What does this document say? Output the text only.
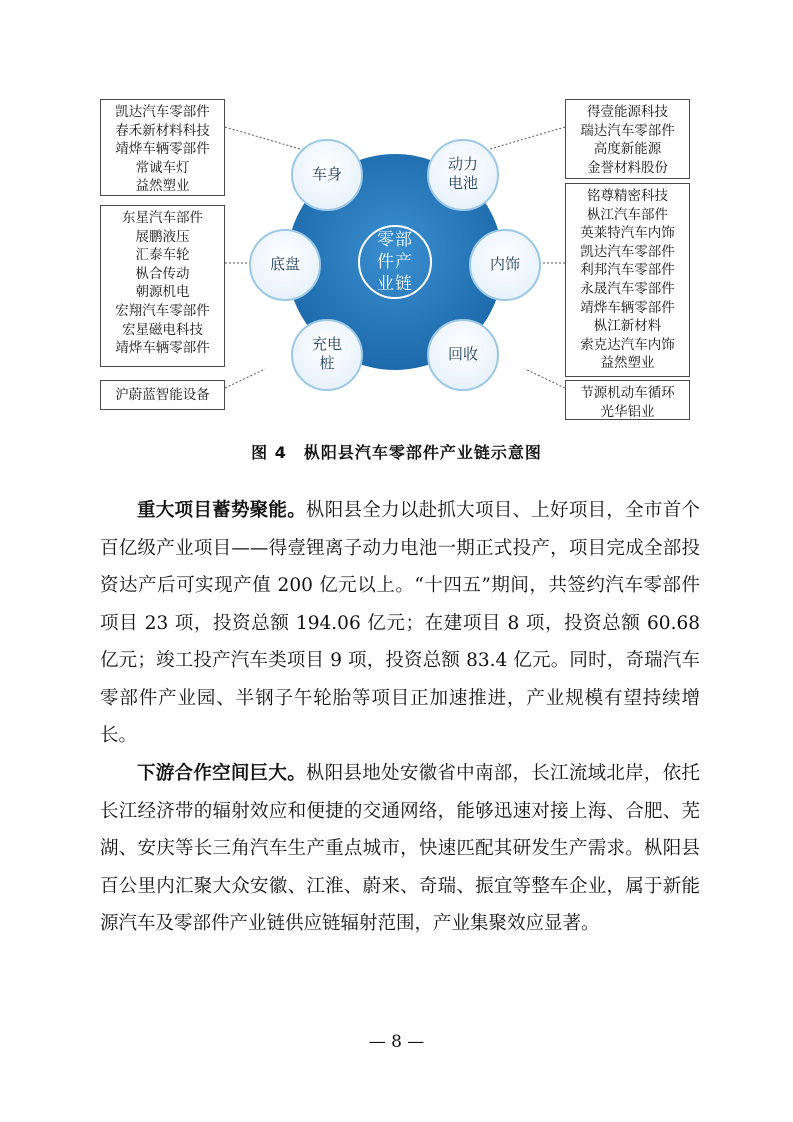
零部
件产
业链
车身
动力
电池
底盘	内饰
充电
桩	回收
凯达汽车零部件
春禾新材料科技
靖烨车辆零部件
常诚车灯
益然塑业
得壹能源科技
瑞达汽车零部件
高度新能源
金誉材料股份
东星汽车部件
展鹏液压
汇泰车轮
枞合传动
朝源机电
宏翔汽车零部件
宏星磁电科技
靖烨车辆零部件
铭尊精密科技
枞江汽车部件
英莱特汽车内饰
凯达汽车零部件
利邦汽车零部件
永晟汽车零部件
靖烨车辆零部件
枞江新材料
索克达汽车内饰
益然塑业
沪蔚蓝智能设备	节源机动车循环
光华铝业
图 4　枞阳县汽车零部件产业链示意图
重大项目蓄势聚能。枞阳县全力以赴抓大项目、上好项目，全市首个百亿级产业项目——得壹锂离子动力电池一期正式投产，项目完成全部投资达产后可实现产值 200 亿元以上。“十四五”期间，共签约汽车零部件项目 23 项，投资总额 194.06 亿元；在建项目 8 项，投资总额 60.68 亿元；竣工投产汽车类项目 9 项，投资总额 83.4 亿元。同时，奇瑞汽车零部件产业园、半钢子午轮胎等项目正加速推进，产业规模有望持续增长。
下游合作空间巨大。枞阳县地处安徽省中南部，长江流域北岸，依托长江经济带的辐射效应和便捷的交通网络，能够迅速对接上海、合肥、芜湖、安庆等长三角汽车生产重点城市，快速匹配其研发生产需求。枞阳县百公里内汇聚大众安徽、江淮、蔚来、奇瑞、振宜等整车企业，属于新能源汽车及零部件产业链供应链辐射范围，产业集聚效应显著。
— 8 —
